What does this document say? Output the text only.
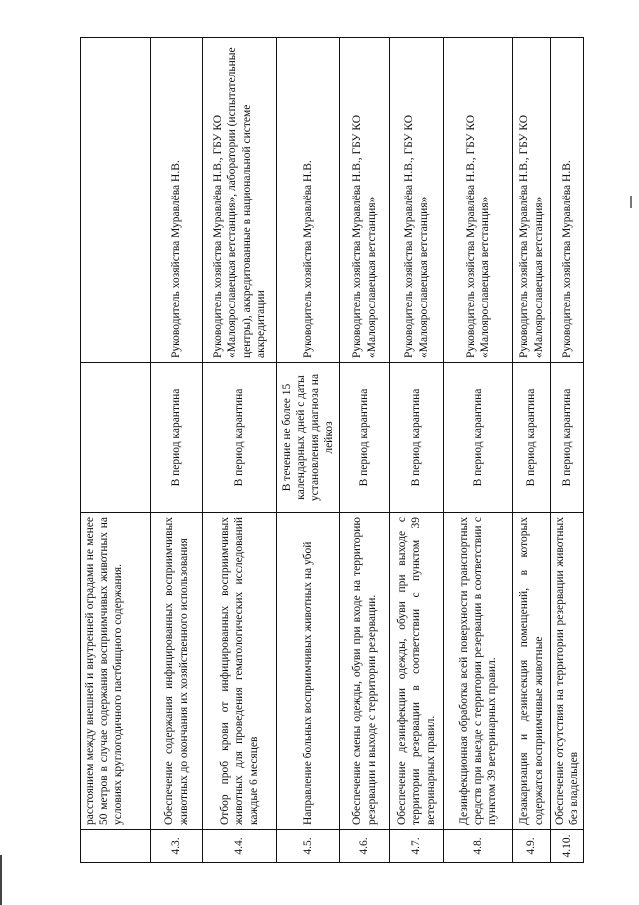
	расстоянием между внешней и внутренней оградами не менее 50 метров в случае содержания восприимчивых животных на условиях круглогодичного пастбищного содержания.		
4.3.	Обеспечение содержания инфицированных восприимчивых животных до окончания их хозяйственного использования	В период карантина	Руководитель хозяйства Муравлёва Н.В.
4.4.	Отбор проб крови от инфицированных восприимчивых животных для проведения гематологических исследований каждые 6 месяцев	В период карантина	Руководитель хозяйства Муравлёва Н.В., ГБУ КО «Малоярославецкая ветстанция», лаборатории (испытательные центры), аккредитованные в национальной системе аккредитации
4.5.	Направление больных восприимчивых животных на убой	В течение не более 15 календарных дней с даты установления диагноза на лейкоз	Руководитель хозяйства Муравлёва Н.В.
4.6.	Обеспечение смены одежды, обуви при входе на территорию резервации и выходе с территории резервации.	В период карантина	Руководитель хозяйства Муравлёва Н.В., ГБУ КО «Малоярославецкая ветстанция»
4.7.	Обеспечение дезинфекции одежды, обуви при выходе с территории резервации в соответствии с пунктом 39 ветеринарных правил.	В период карантина	Руководитель хозяйства Муравлёва Н.В., ГБУ КО «Малоярославецкая ветстанция»
4.8.	Дезинфекционная обработка всей поверхности транспортных средств при выезде с территории резервации в соответствии с пунктом 39 ветеринарных правил.	В период карантина	Руководитель хозяйства Муравлёва Н.В., ГБУ КО «Малоярославецкая ветстанция»
4.9.	Дезакаризация и дезинсекция помещений, в которых содержатся восприимчивые животные	В период карантина	Руководитель хозяйства Муравлёва Н.В., ГБУ КО «Малоярославецкая ветстанция»
4.10.	Обеспечение отсутствия на территории резервации животных без владельцев	В период карантина	Руководитель хозяйства Муравлёва Н.В.
